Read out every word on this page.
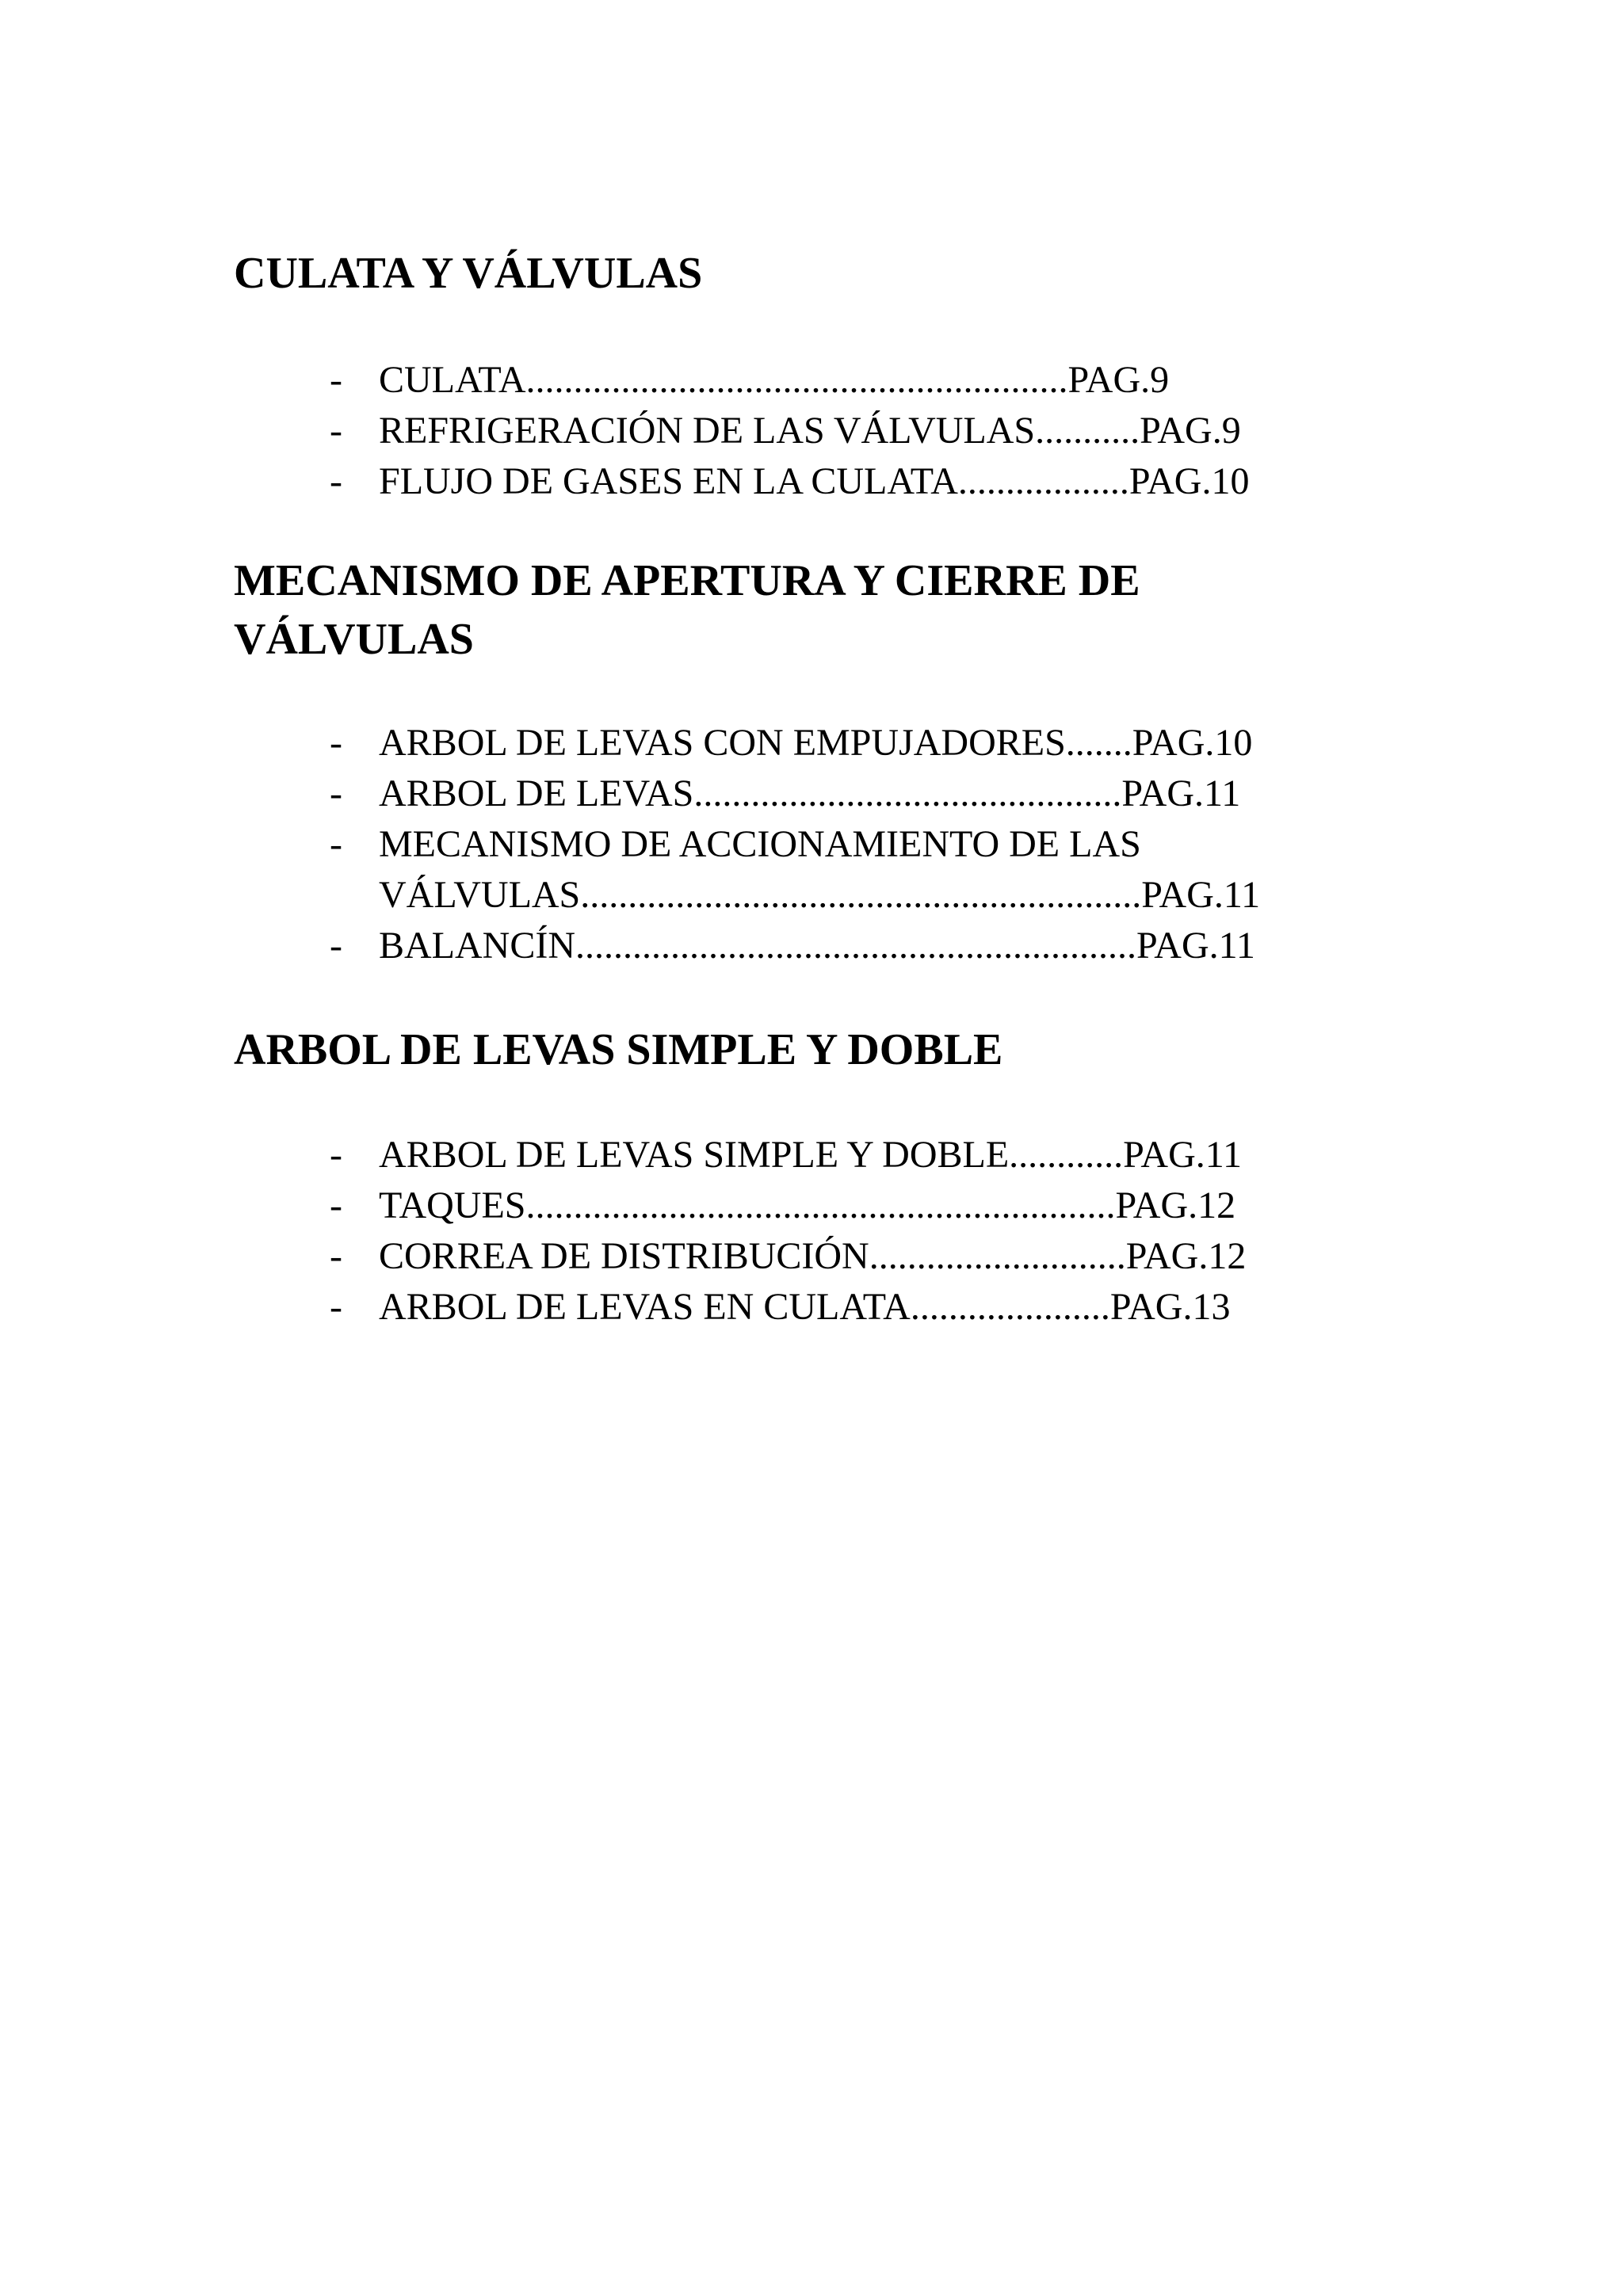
CULATA Y VÁLVULAS
- CULATA.........................................................PAG.9
- REFRIGERACIÓN DE LAS VÁLVULAS...........PAG.9
- FLUJO DE GASES EN LA CULATA..................PAG.10
MECANISMO DE APERTURA Y CIERRE DE
VÁLVULAS
- ARBOL DE LEVAS CON EMPUJADORES.......PAG.10
- ARBOL DE LEVAS.............................................PAG.11
- MECANISMO DE ACCIONAMIENTO DE LAS
VÁLVULAS...........................................................PAG.11
- BALANCÍN...........................................................PAG.11
ARBOL DE LEVAS SIMPLE Y DOBLE
- ARBOL DE LEVAS SIMPLE Y DOBLE............PAG.11
- TAQUES..............................................................PAG.12
- CORREA DE DISTRIBUCIÓN...........................PAG.12
- ARBOL DE LEVAS EN CULATA.....................PAG.13
